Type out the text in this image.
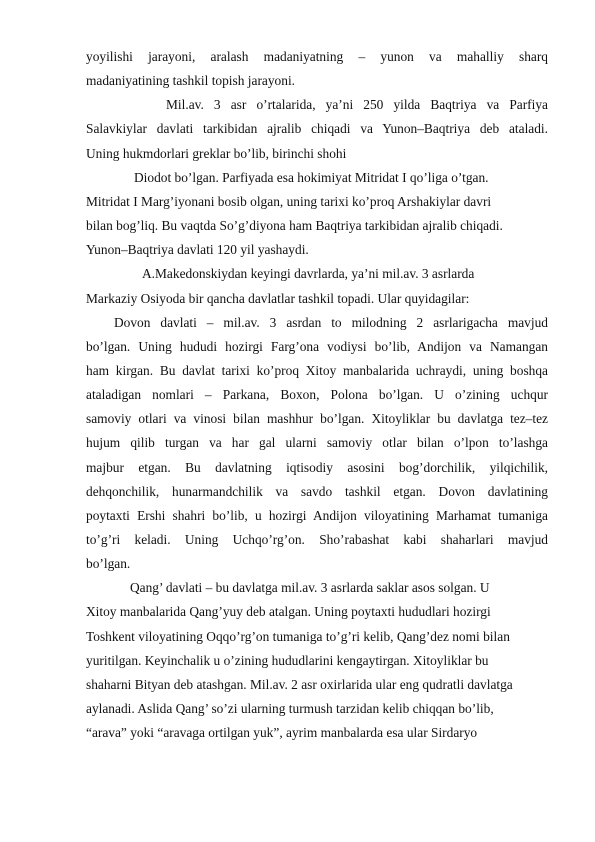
yoyilishi jarayoni, aralash madaniyatning – yunon va mahalliy sharq
madaniyatining tashkil topish jarayoni.
Mil.av. 3 asr o’rtalarida, ya’ni 250 yilda Baqtriya va Parfiya
Salavkiylar davlati tarkibidan ajralib chiqadi va Yunon–Baqtriya deb ataladi.
Uning hukmdorlari greklar bo’lib, birinchi shohi
Diodot bo’lgan. Parfiyada esa hokimiyat Mitridat I qo’liga o’tgan.
Mitridat I Marg’iyonani bosib olgan, uning tarixi ko’proq Arshakiylar davri
bilan bog’liq. Bu vaqtda So’g’diyona ham Baqtriya tarkibidan ajralib chiqadi.
Yunon–Baqtriya davlati 120 yil yashaydi.
A.Makedonskiydan keyingi davrlarda, ya’ni mil.av. 3 asrlarda
Markaziy Osiyoda bir qancha davlatlar tashkil topadi. Ular quyidagilar:
Dovon davlati – mil.av. 3 asrdan to milodning 2 asrlarigacha mavjud
bo’lgan. Uning hududi hozirgi Farg’ona vodiysi bo’lib, Andijon va Namangan
ham kirgan. Bu davlat tarixi ko’proq Xitoy manbalarida uchraydi, uning boshqa
ataladigan nomlari – Parkana, Boxon, Polona bo’lgan. U o’zining uchqur
samoviy otlari va vinosi bilan mashhur bo’lgan. Xitoyliklar bu davlatga tez–tez
hujum qilib turgan va har gal ularni samoviy otlar bilan o’lpon to’lashga
majbur etgan. Bu davlatning iqtisodiy asosini bog’dorchilik, yilqichilik,
dehqonchilik, hunarmandchilik va savdo tashkil etgan. Dovon davlatining
poytaxti Ershi shahri bo’lib, u hozirgi Andijon viloyatining Marhamat tumaniga
to’g’ri keladi. Uning Uchqo’rg’on. Sho’rabashat kabi shaharlari mavjud
bo’lgan.
Qang’ davlati – bu davlatga mil.av. 3 asrlarda saklar asos solgan. U
Xitoy manbalarida Qang’yuy deb atalgan. Uning poytaxti hududlari hozirgi
Toshkent viloyatining Oqqo’rg’on tumaniga to’g’ri kelib, Qang’dez nomi bilan
yuritilgan. Keyinchalik u o’zining hududlarini kengaytirgan. Xitoyliklar bu
shaharni Bityan deb atashgan. Mil.av. 2 asr oxirlarida ular eng qudratli davlatga
aylanadi. Aslida Qang’ so’zi ularning turmush tarzidan kelib chiqqan bo’lib,
“arava” yoki “aravaga ortilgan yuk”, ayrim manbalarda esa ular Sirdaryo
